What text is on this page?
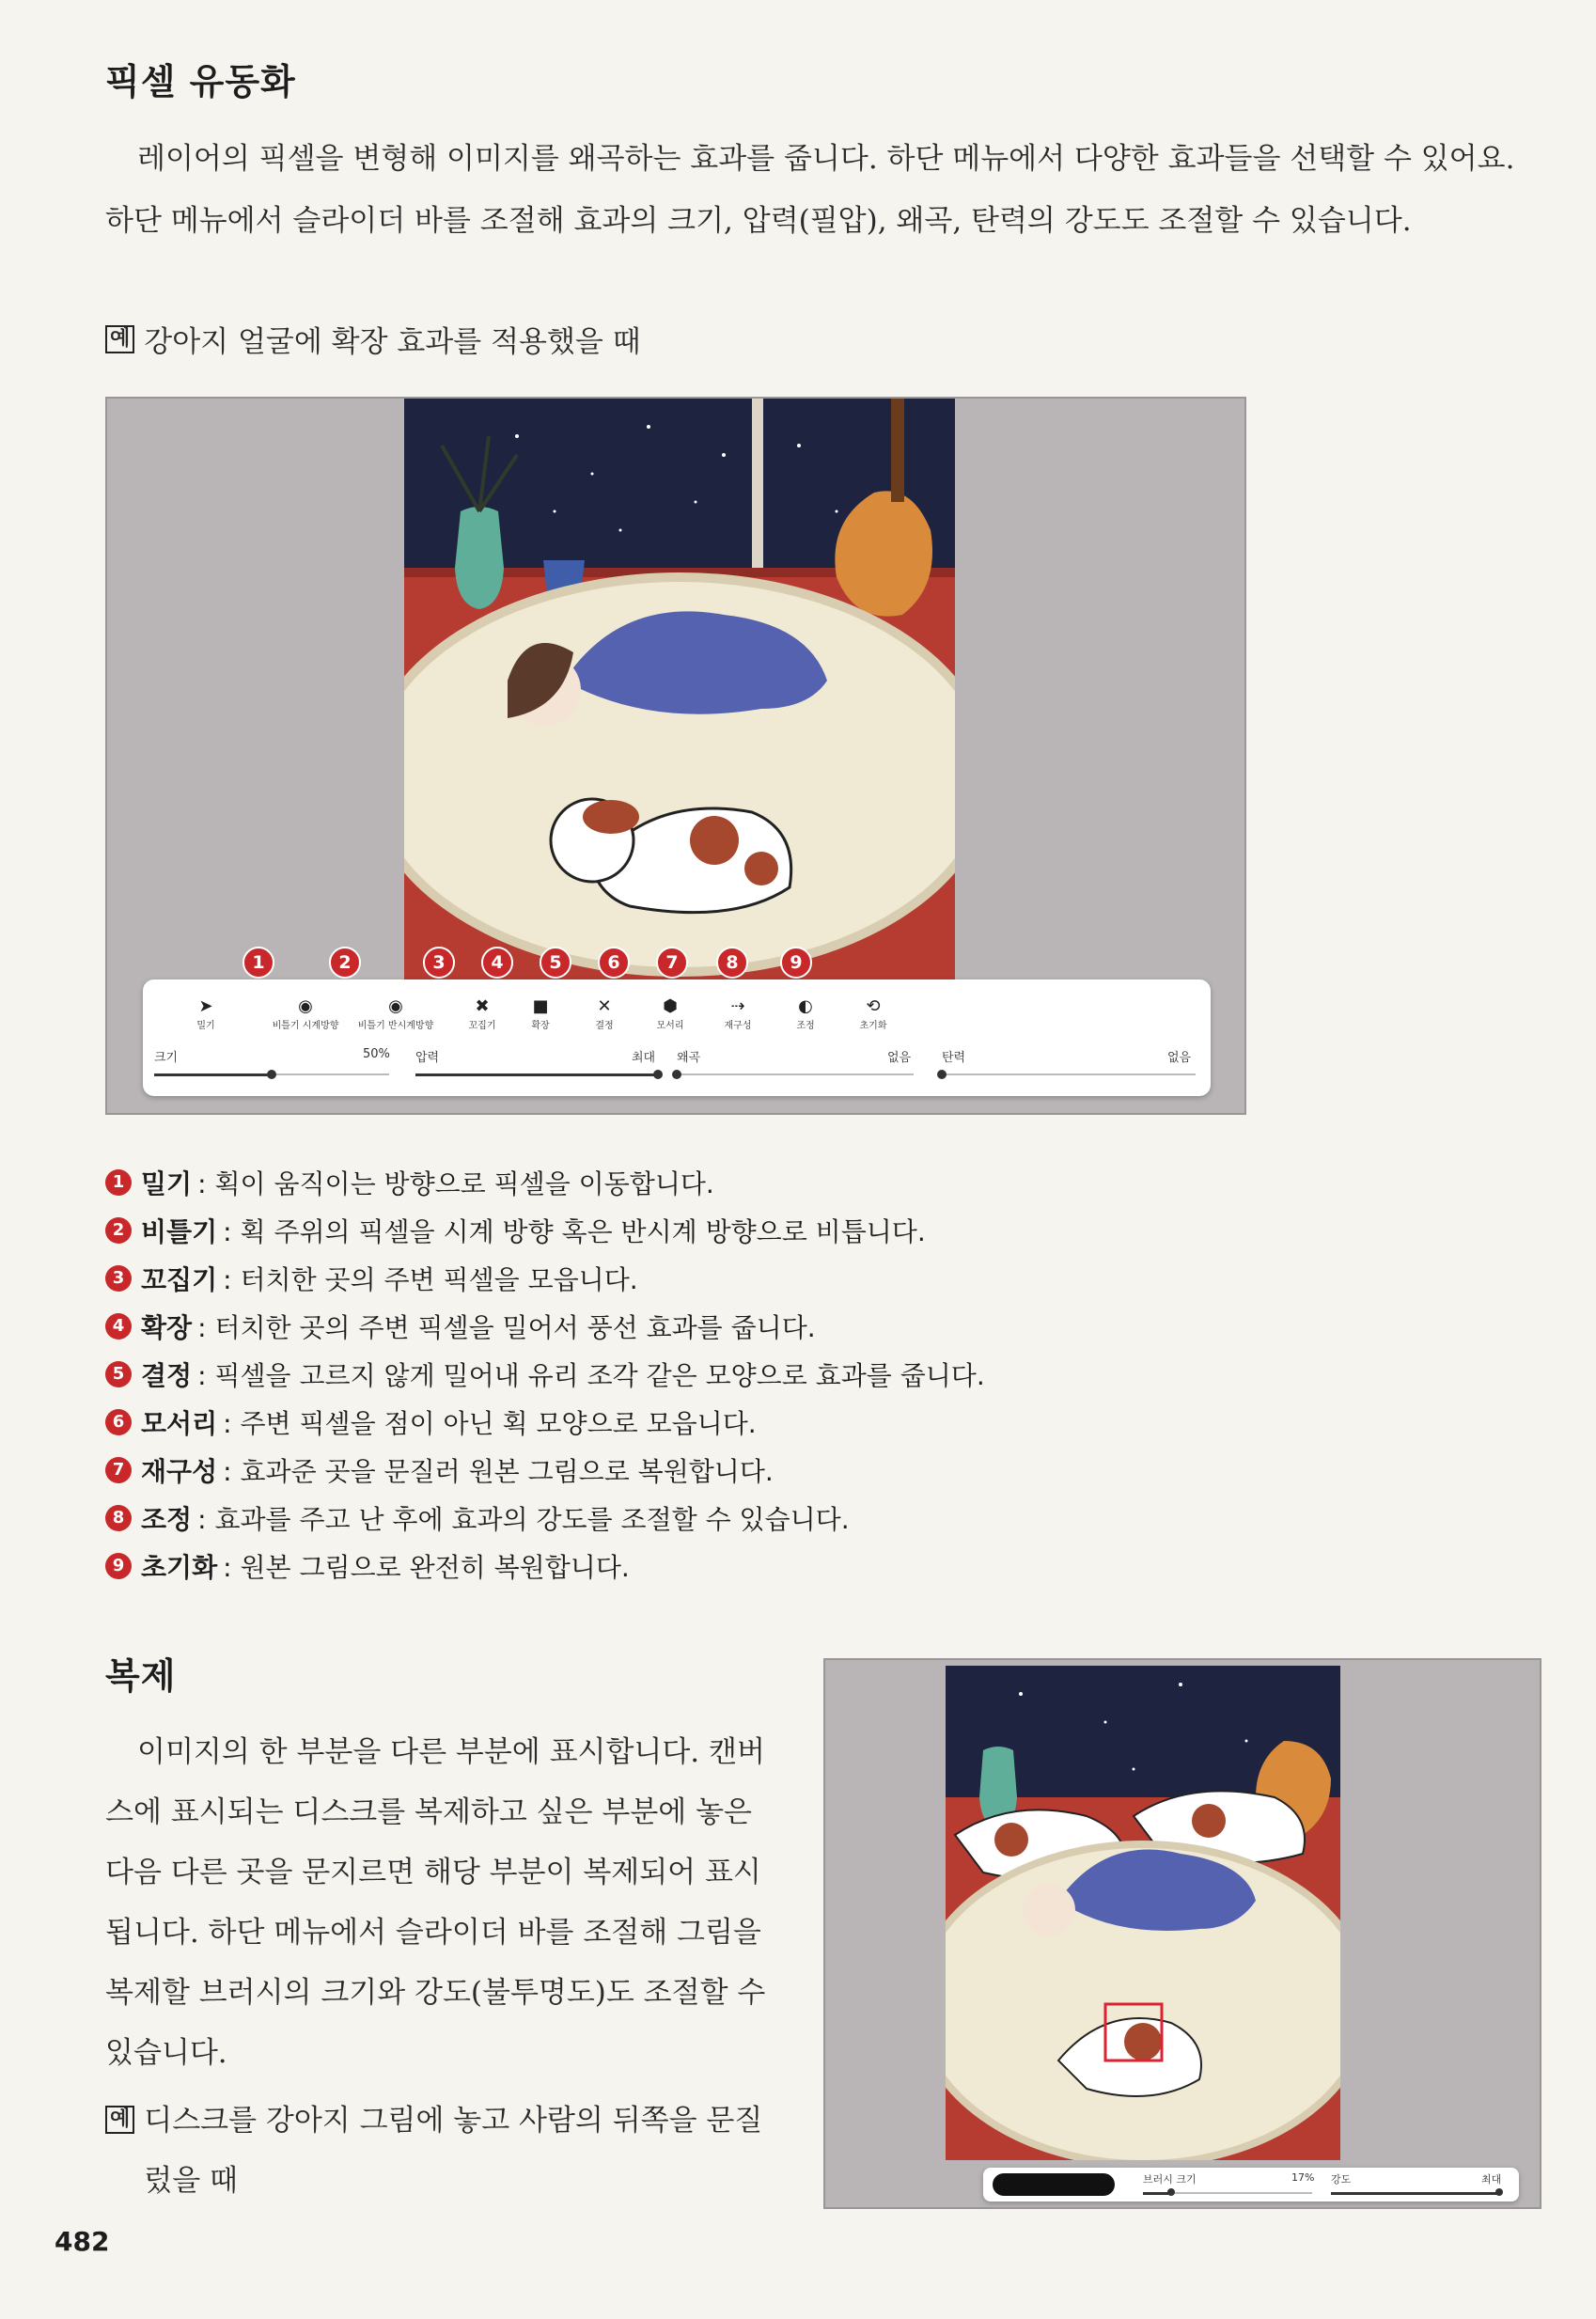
픽셀 유동화

레이어의 픽셀을 변형해 이미지를 왜곡하는 효과를 줍니다. 하단 메뉴에서 다양한 효과들을 선택할 수 있어요. 하단 메뉴에서 슬라이더 바를 조절해 효과의 크기, 압력(필압), 왜곡, 탄력의 강도도 조절할 수 있습니다.

예 강아지 얼굴에 확장 효과를 적용했을 때
1	2	3	4	5	6	7	8	9
➤
밀기
◉
비틀기 시계방향
◉
비틀기 반시계방향
✖
꼬집기
■
확장
✕
결정
⬢
모서리
⇢
재구성
◐
조정
⟲
초기화
크기	50% 압력	최대 왜곡	없음	탄력	없음
1 밀기 : 획이 움직이는 방향으로 픽셀을 이동합니다.
2 비틀기 : 획 주위의 픽셀을 시계 방향 혹은 반시계 방향으로 비틉니다.
3 꼬집기 : 터치한 곳의 주변 픽셀을 모읍니다.
4 확장 : 터치한 곳의 주변 픽셀을 밀어서 풍선 효과를 줍니다.
5 결정 : 픽셀을 고르지 않게 밀어내 유리 조각 같은 모양으로 효과를 줍니다.
6 모서리 : 주변 픽셀을 점이 아닌 획 모양으로 모읍니다.
7 재구성 : 효과준 곳을 문질러 원본 그림으로 복원합니다.
8 조정 : 효과를 주고 난 후에 효과의 강도를 조절할 수 있습니다.
9 초기화 : 원본 그림으로 완전히 복원합니다.
복제

이미지의 한 부분을 다른 부분에 표시합니다. 캔버스에 표시되는 디스크를 복제하고 싶은 부분에 놓은 다음 다른 곳을 문지르면 해당 부분이 복제되어 표시됩니다. 하단 메뉴에서 슬라이더 바를 조절해 그림을 복제할 브러시의 크기와 강도(불투명도)도 조절할 수 있습니다.

예 디스크를 강아지 그림에 놓고 사람의 뒤쪽을 문질렀을 때	브러시 크기	17% 강도	최대
482
